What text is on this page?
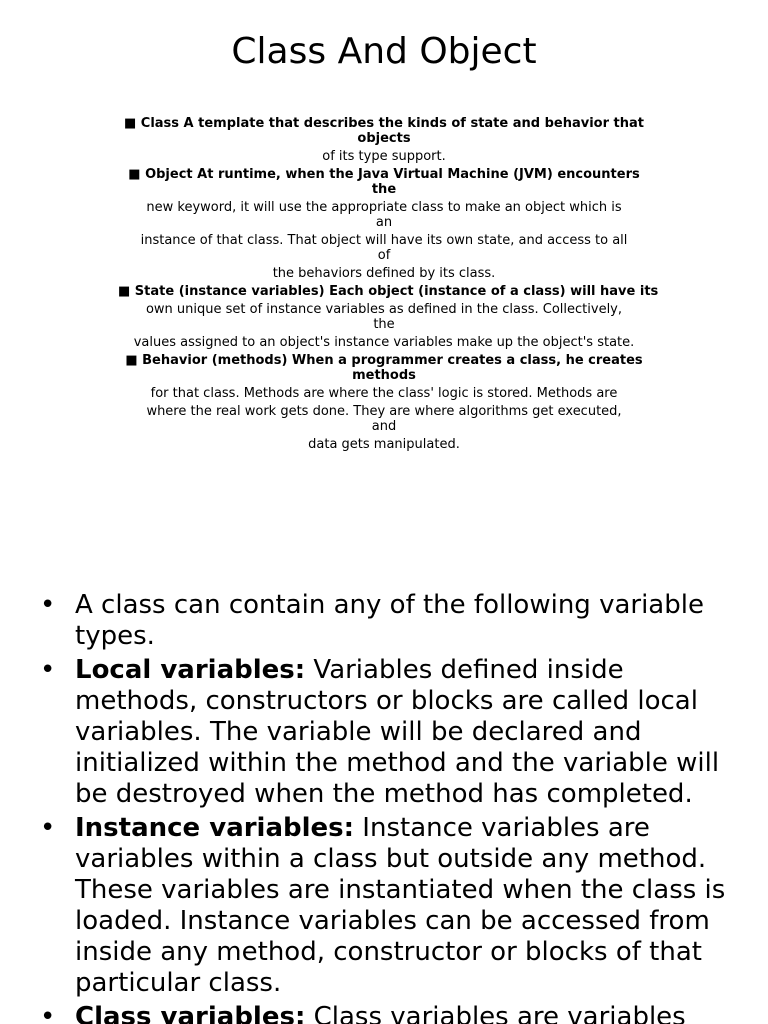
Class And Object
■ Class A template that describes the kinds of state and behavior that
objects
of its type support.
■ Object At runtime, when the Java Virtual Machine (JVM) encounters
the
new keyword, it will use the appropriate class to make an object which is
an
instance of that class. That object will have its own state, and access to all
of
the behaviors defined by its class.
■ State (instance variables) Each object (instance of a class) will have its
own unique set of instance variables as defined in the class. Collectively,
the
values assigned to an object's instance variables make up the object's state.
■ Behavior (methods) When a programmer creates a class, he creates
methods
for that class. Methods are where the class' logic is stored. Methods are
where the real work gets done. They are where algorithms get executed,
and
data gets manipulated.
• A class can contain any of the following variable types.
• Local variables: Variables defined inside methods, constructors or blocks are called local variables. The variable will be declared and initialized within the method and the variable will be destroyed when the method has completed.
• Instance variables: Instance variables are variables within a class but outside any method. These variables are instantiated when the class is loaded. Instance variables can be accessed from inside any method, constructor or blocks of that particular class.
• Class variables: Class variables are variables
